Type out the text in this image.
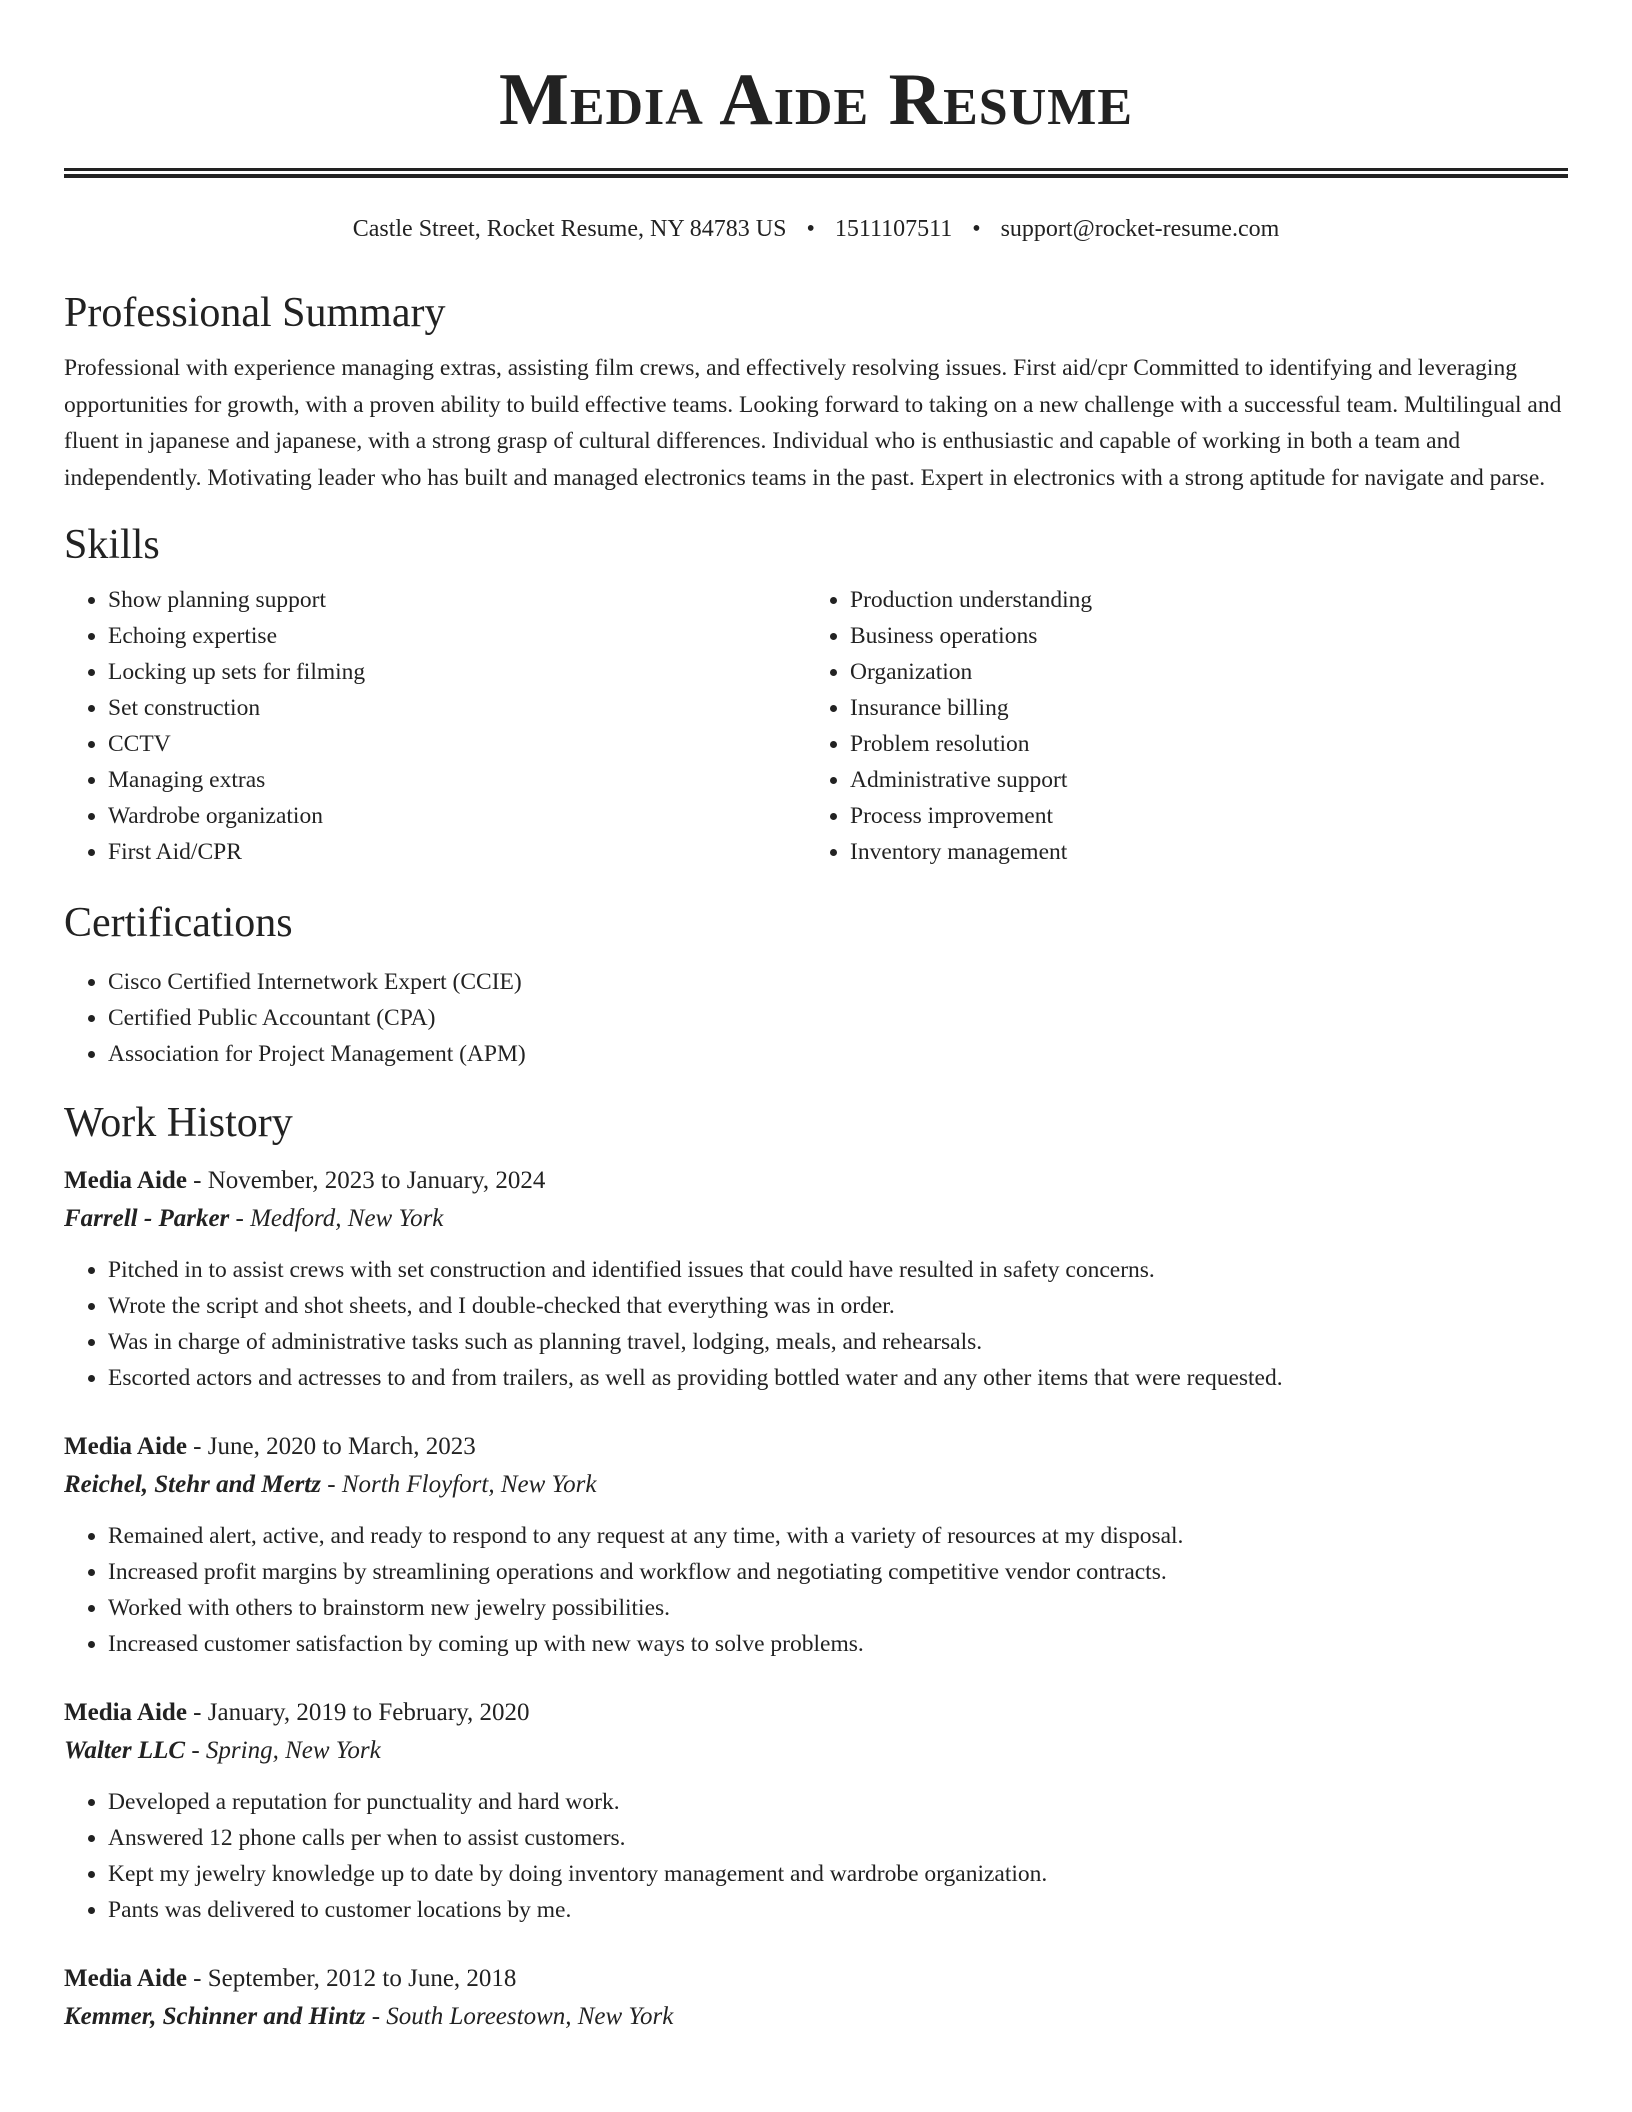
Media Aide Resume
Castle Street, Rocket Resume, NY 84783 US • 1511107511 • support@rocket-resume.com
Professional Summary

Professional with experience managing extras, assisting film crews, and effectively resolving issues. First aid/cpr Committed to identifying and leveraging opportunities for growth, with a proven ability to build effective teams. Looking forward to taking on a new challenge with a successful team. Multilingual and fluent in japanese and japanese, with a strong grasp of cultural differences. Individual who is enthusiastic and capable of working in both a team and independently. Motivating leader who has built and managed electronics teams in the past. Expert in electronics with a strong aptitude for navigate and parse.

Skills
• Show planning support
• Echoing expertise
• Locking up sets for filming
• Set construction
• CCTV
• Managing extras
• Wardrobe organization
• First Aid/CPR
• Production understanding
• Business operations
• Organization
• Insurance billing
• Problem resolution
• Administrative support
• Process improvement
• Inventory management
Certifications
• Cisco Certified Internetwork Expert (CCIE)
• Certified Public Accountant (CPA)
• Association for Project Management (APM)
Work History
Media Aide - November, 2023 to January, 2024
Farrell - Parker - Medford, New York
• Pitched in to assist crews with set construction and identified issues that could have resulted in safety concerns.
• Wrote the script and shot sheets, and I double-checked that everything was in order.
• Was in charge of administrative tasks such as planning travel, lodging, meals, and rehearsals.
• Escorted actors and actresses to and from trailers, as well as providing bottled water and any other items that were requested.
Media Aide - June, 2020 to March, 2023
Reichel, Stehr and Mertz - North Floyfort, New York
• Remained alert, active, and ready to respond to any request at any time, with a variety of resources at my disposal.
• Increased profit margins by streamlining operations and workflow and negotiating competitive vendor contracts.
• Worked with others to brainstorm new jewelry possibilities.
• Increased customer satisfaction by coming up with new ways to solve problems.
Media Aide - January, 2019 to February, 2020
Walter LLC - Spring, New York
• Developed a reputation for punctuality and hard work.
• Answered 12 phone calls per when to assist customers.
• Kept my jewelry knowledge up to date by doing inventory management and wardrobe organization.
• Pants was delivered to customer locations by me.
Media Aide - September, 2012 to June, 2018
Kemmer, Schinner and Hintz - South Loreestown, New York
